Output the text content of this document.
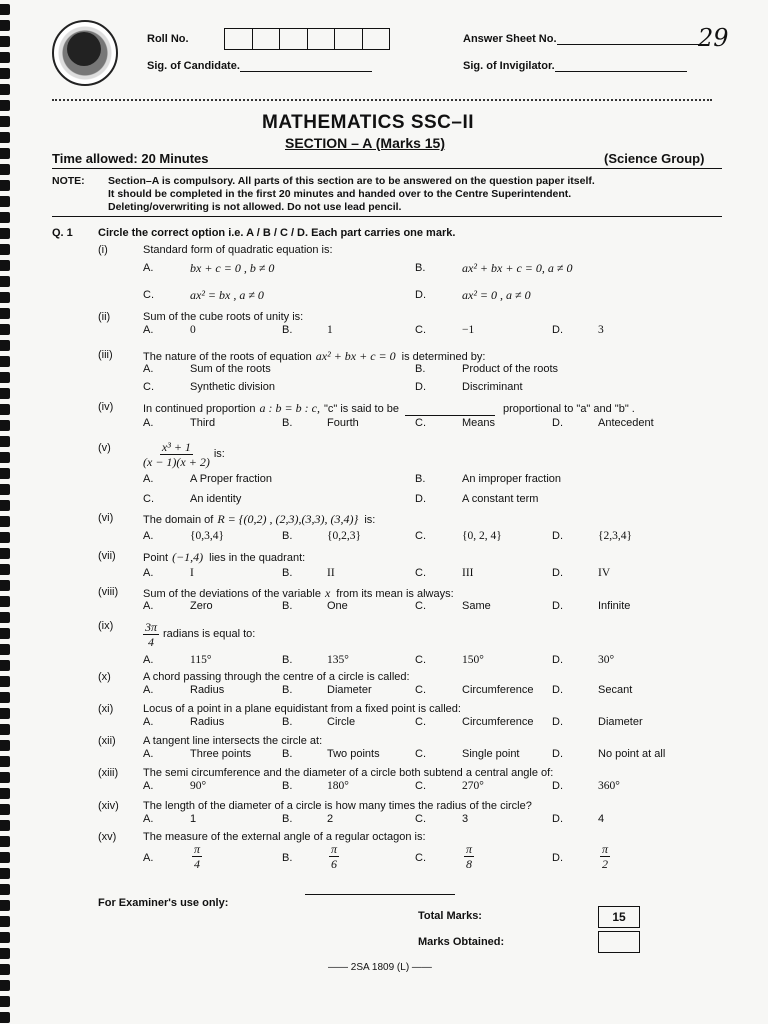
Roll No.	Answer Sheet No.	29
Sig. of Candidate.	Sig. of Invigilator.
MATHEMATICS SSC–II
SECTION – A (Marks 15)
Time allowed: 20 Minutes	(Science Group)
NOTE: Section–A is compulsory. All parts of this section are to be answered on the question paper itself.
It should be completed in the first 20 minutes and handed over to the Centre Superintendent.
Deleting/overwriting is not allowed. Do not use lead pencil.
Q. 1 Circle the correct option i.e. A / B / C / D. Each part carries one mark.
(i)	Standard form of quadratic equation is:
A.	bx + c = 0 , b ≠ 0	B.	ax² + bx + c = 0, a ≠ 0
C.	ax² = bx , a ≠ 0	D.	ax² = 0 , a ≠ 0
(ii)	Sum of the cube roots of unity is:
A.	0	B.	1	C.	−1	D.	3
(iii)	The nature of the roots of equation ax² + bx + c = 0 is determined by:
A.	Sum of the roots	B.	Product of the roots
C.	Synthetic division	D.	Discriminant
(iv)	In continued proportion a : b = b : c, "c" is said to be	proportional to "a" and "b" .
A.	Third	B.	Fourth	C.	Means	D.	Antecedent
(v)	$\frac{\text{x³ + 1}}{(x - 1)(x + 2)}$ is:
A.	A Proper fraction	B.	An improper fraction
C.	An identity	D.	A constant term
(vi)	The domain of R = {(0,2) , (2,3),(3,3), (3,4)} is:
A.	{0,3,4}	B.	{0,2,3}	C.	{0, 2, 4}	D.	{2,3,4}
(vii) Point (−1,4) lies in the quadrant:
A.	I	B.	II	C.	III	D.	IV
(viii) Sum of the deviations of the variable x from its mean is always:
A.	Zero	B.	One	C.	Same	D.	Infinite
$(ix) \frac{3\pi}{4}$ radians is equal to:
A.	115°	B.	135°	C.	150°	D.	30°
(x)	A chord passing through the centre of a circle is called:
A.	Radius	B.	Diameter	C.	Circumference D.	Secant
(xi)	Locus of a point in a plane equidistant from a fixed point is called:
A.	Radius	B.	Circle	C.	Circumference D.	Diameter
(xii) A tangent line intersects the circle at:
A.	Three points	B.	Two points	C.	Single point	D.	No point at all
(xiii) The semi circumference and the diameter of a circle both subtend a central angle of:
A.	90°	B.	180°	C.	270°	D.	360°
(xiv) The length of the diameter of a circle is how many times the radius of the circle?
A.	1	B.	2	C.	3	D.	4
(xv) The measure of the external angle of a regular octagon is:
A.	$\frac{\pi}{4}$	B.	$\frac{\pi}{6}$	C.	$\frac{\pi}{8}$	D.	$\frac{\pi}{2}$
For Examiner's use only:
Total Marks:	15
Marks Obtained:
—— 2SA 1809 (L) ——
